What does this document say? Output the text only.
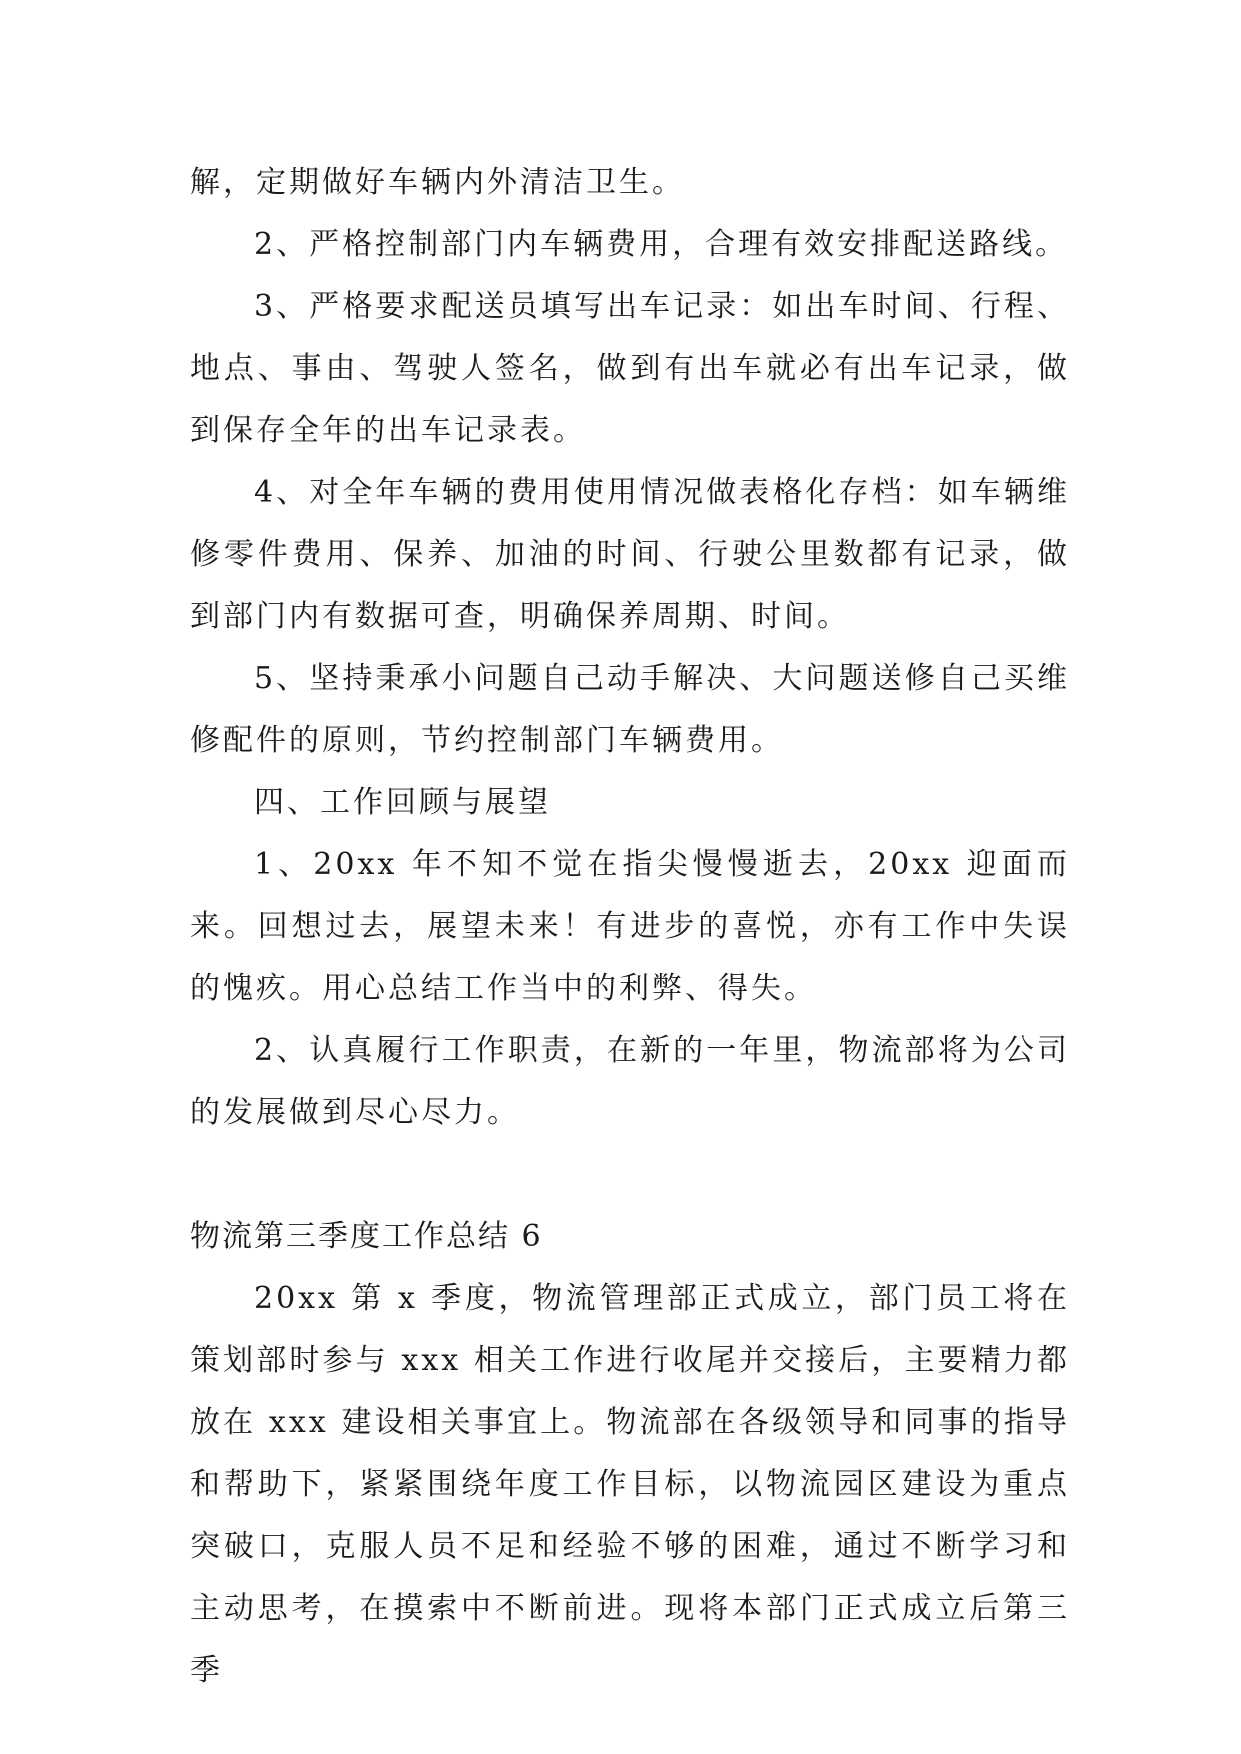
解，定期做好车辆内外清洁卫生。

2、严格控制部门内车辆费用，合理有效安排配送路线。

3、严格要求配送员填写出车记录：如出车时间、行程、地点、事由、驾驶人签名，做到有出车就必有出车记录，做到保存全年的出车记录表。

4、对全年车辆的费用使用情况做表格化存档：如车辆维修零件费用、保养、加油的时间、行驶公里数都有记录，做到部门内有数据可查，明确保养周期、时间。

5、坚持秉承小问题自己动手解决、大问题送修自己买维修配件的原则，节约控制部门车辆费用。

四、工作回顾与展望

1、20xx 年不知不觉在指尖慢慢逝去，20xx 迎面而来。回想过去，展望未来！有进步的喜悦，亦有工作中失误的愧疚。用心总结工作当中的利弊、得失。

2、认真履行工作职责，在新的一年里，物流部将为公司的发展做到尽心尽力。

物流第三季度工作总结 6

20xx 第 x 季度，物流管理部正式成立，部门员工将在策划部时参与 xxx 相关工作进行收尾并交接后，主要精力都放在 xxx 建设相关事宜上。物流部在各级领导和同事的指导和帮助下，紧紧围绕年度工作目标，以物流园区建设为重点突破口，克服人员不足和经验不够的困难，通过不断学习和主动思考，在摸索中不断前进。现将本部门正式成立后第三季
